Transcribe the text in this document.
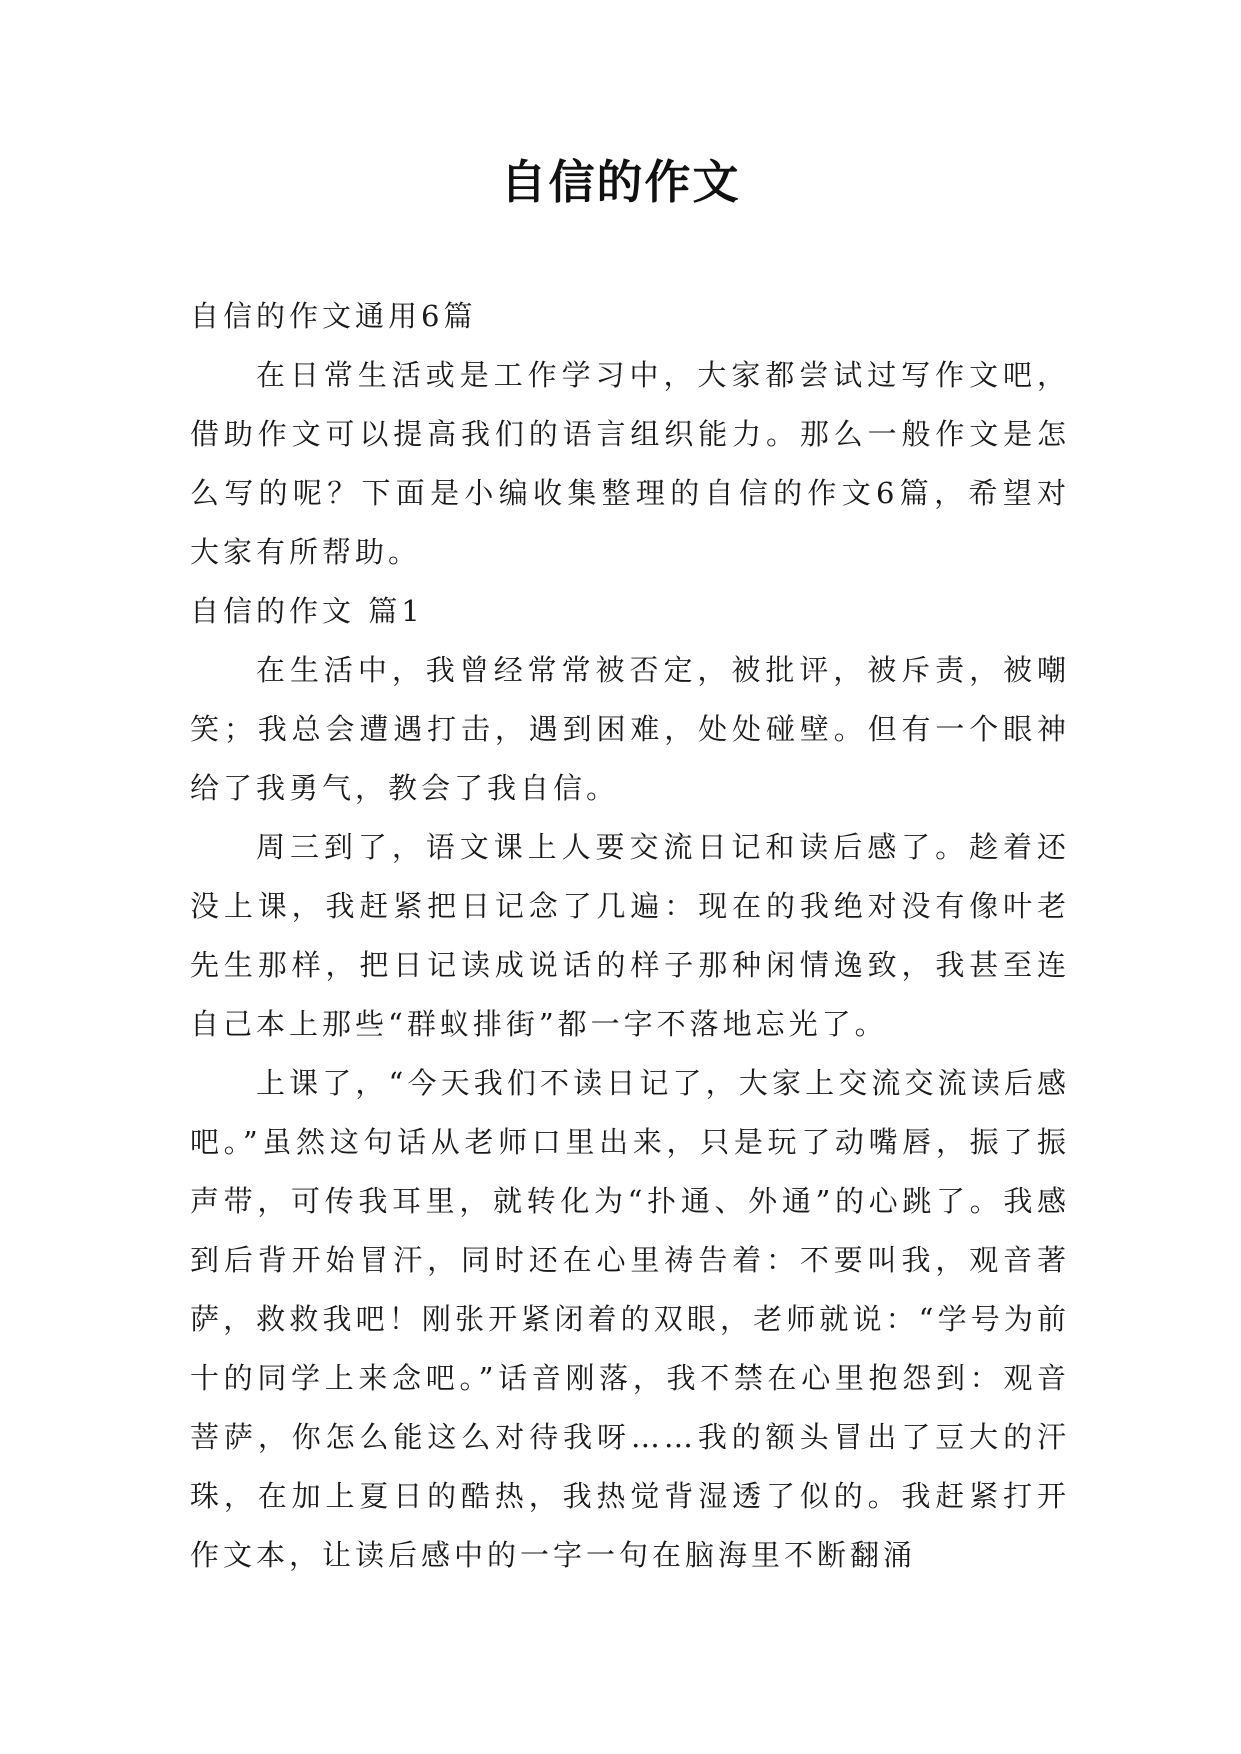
自信的作文

自信的作文通用6篇

在日常生活或是工作学习中，大家都尝试过写作文吧，借助作文可以提高我们的语言组织能力。那么一般作文是怎么写的呢？下面是小编收集整理的自信的作文6篇，希望对大家有所帮助。

自信的作文 篇1

在生活中，我曾经常常被否定，被批评，被斥责，被嘲笑；我总会遭遇打击，遇到困难，处处碰壁。但有一个眼神给了我勇气，教会了我自信。

周三到了，语文课上人要交流日记和读后感了。趁着还没上课，我赶紧把日记念了几遍：现在的我绝对没有像叶老先生那样，把日记读成说话的样子那种闲情逸致，我甚至连自己本上那些“群蚁排街”都一字不落地忘光了。

上课了，“今天我们不读日记了，大家上交流交流读后感吧。”虽然这句话从老师口里出来，只是玩了动嘴唇，振了振声带，可传我耳里，就转化为“扑通、外通”的心跳了。我感到后背开始冒汗，同时还在心里祷告着：不要叫我，观音著萨，救救我吧！刚张开紧闭着的双眼，老师就说：“学号为前十的同学上来念吧。”话音刚落，我不禁在心里抱怨到：观音菩萨，你怎么能这么对待我呀……我的额头冒出了豆大的汗珠，在加上夏日的酷热，我热觉背湿透了似的。我赶紧打开作文本，让读后感中的一字一句在脑海里不断翻涌
